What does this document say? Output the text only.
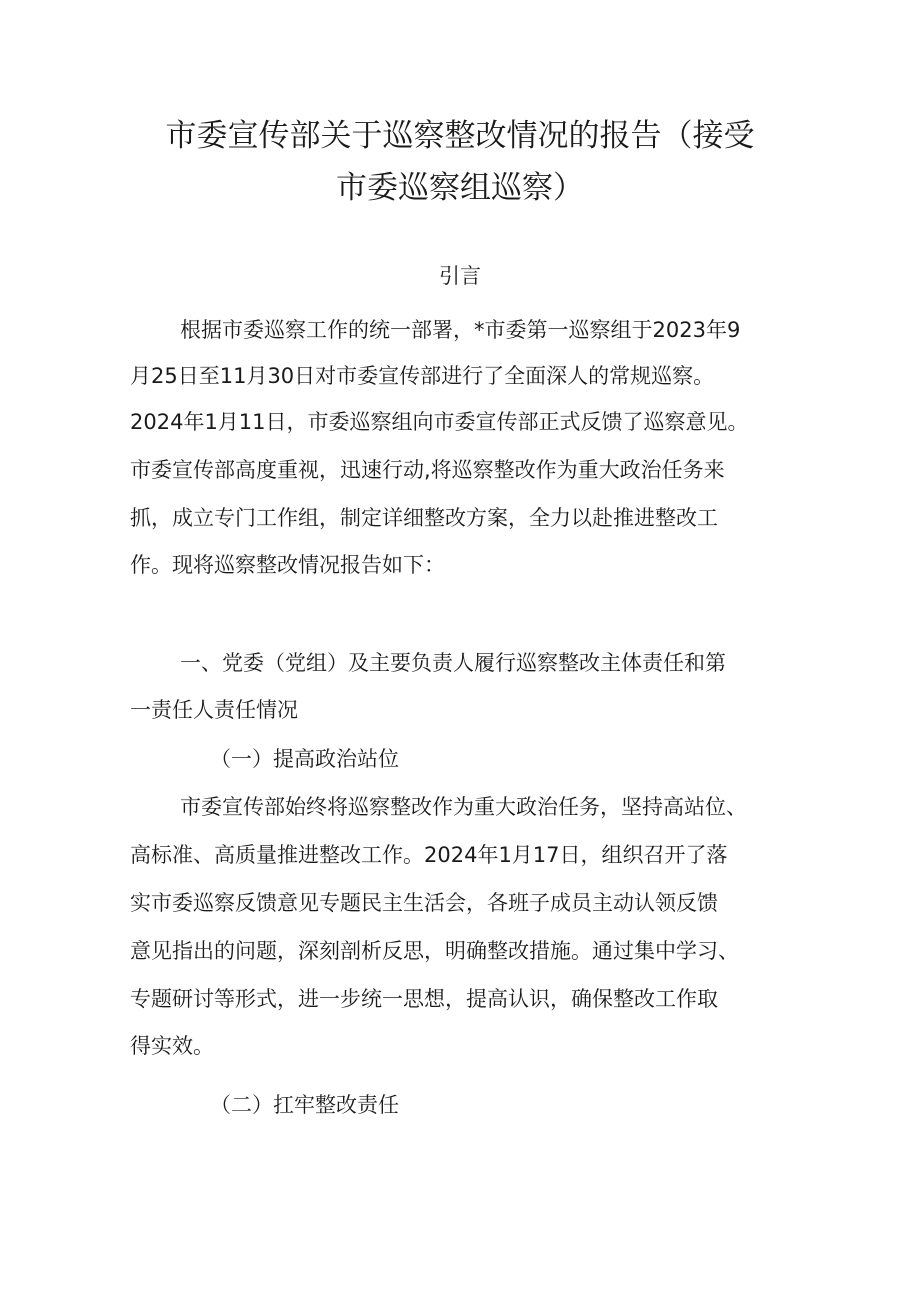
市委宣传部关于巡察整改情况的报告（接受
市委巡察组巡察）
引言

根据市委巡察工作的统一部署，*市委第一巡察组于2023年9

月25日至11月30日对市委宣传部进行了全面深人的常规巡察。

2024年1月11日，市委巡察组向市委宣传部正式反馈了巡察意见。

市委宣传部高度重视，迅速行动,将巡察整改作为重大政治任务来

抓，成立专门工作组，制定详细整改方案，全力以赴推进整改工

作。现将巡察整改情况报告如下：

一、党委（党组）及主要负责人履行巡察整改主体责任和第

一责任人责任情况

（一）提高政治站位

市委宣传部始终将巡察整改作为重大政治任务，坚持高站位、

高标准、高质量推进整改工作。2024年1月17日，组织召开了落

实市委巡察反馈意见专题民主生活会，各班子成员主动认领反馈

意见指出的问题，深刻剖析反思，明确整改措施。通过集中学习、

专题研讨等形式，进一步统一思想，提高认识，确保整改工作取

得实效。

（二）扛牢整改责任
